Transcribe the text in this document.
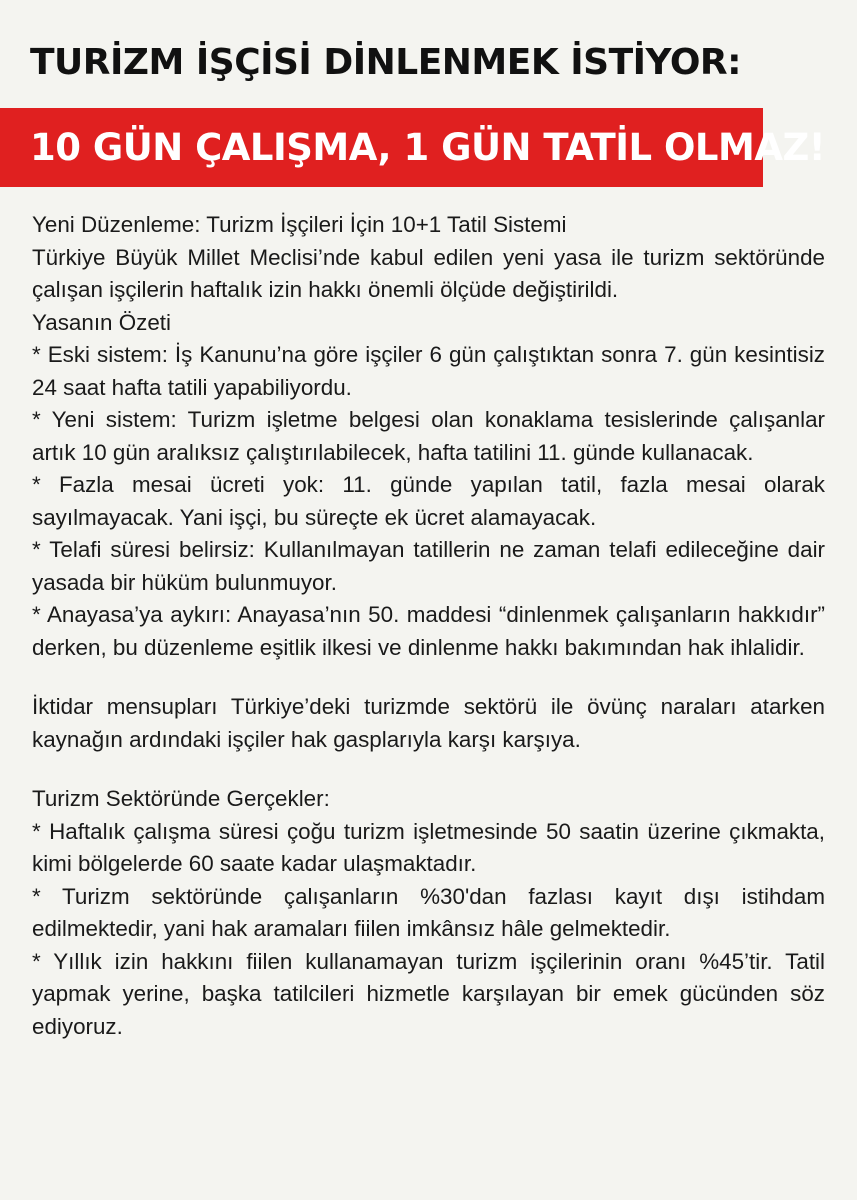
TURİZM İŞÇİSİ DİNLENMEK İSTİYOR:
10 GÜN ÇALIŞMA, 1 GÜN TATİL OLMAZ!

Yeni Düzenleme: Turizm İşçileri İçin 10+1 Tatil Sistemi

Türkiye Büyük Millet Meclisi’nde kabul edilen yeni yasa ile turizm sektöründe çalışan işçilerin haftalık izin hakkı önemli ölçüde değiştirildi.

Yasanın Özeti

* Eski sistem: İş Kanunu’na göre işçiler 6 gün çalıştıktan sonra 7. gün kesintisiz 24 saat hafta tatili yapabiliyordu.

* Yeni sistem: Turizm işletme belgesi olan konaklama tesislerinde çalışanlar artık 10 gün aralıksız çalıştırılabilecek, hafta tatilini 11. günde kullanacak.

* Fazla mesai ücreti yok: 11. günde yapılan tatil, fazla mesai olarak sayılmayacak. Yani işçi, bu süreçte ek ücret alamayacak.

* Telafi süresi belirsiz: Kullanılmayan tatillerin ne zaman telafi edileceğine dair yasada bir hüküm bulunmuyor.

* Anayasa’ya aykırı: Anayasa’nın 50. maddesi “dinlenmek çalışanların hakkıdır” derken, bu düzenleme eşitlik ilkesi ve dinlenme hakkı bakımından hak ihlalidir.

İktidar mensupları Türkiye’deki turizmde sektörü ile övünç naraları atarken kaynağın ardındaki işçiler hak gasplarıyla karşı karşıya.

Turizm Sektöründe Gerçekler:

* Haftalık çalışma süresi çoğu turizm işletmesinde 50 saatin üzerine çıkmakta, kimi bölgelerde 60 saate kadar ulaşmaktadır.

* Turizm sektöründe çalışanların %30'dan fazlası kayıt dışı istihdam edilmektedir, yani hak aramaları fiilen imkânsız hâle gelmektedir.

* Yıllık izin hakkını fiilen kullanamayan turizm işçilerinin oranı %45’tir. Tatil yapmak yerine, başka tatilcileri hizmetle karşılayan bir emek gücünden söz ediyoruz.
